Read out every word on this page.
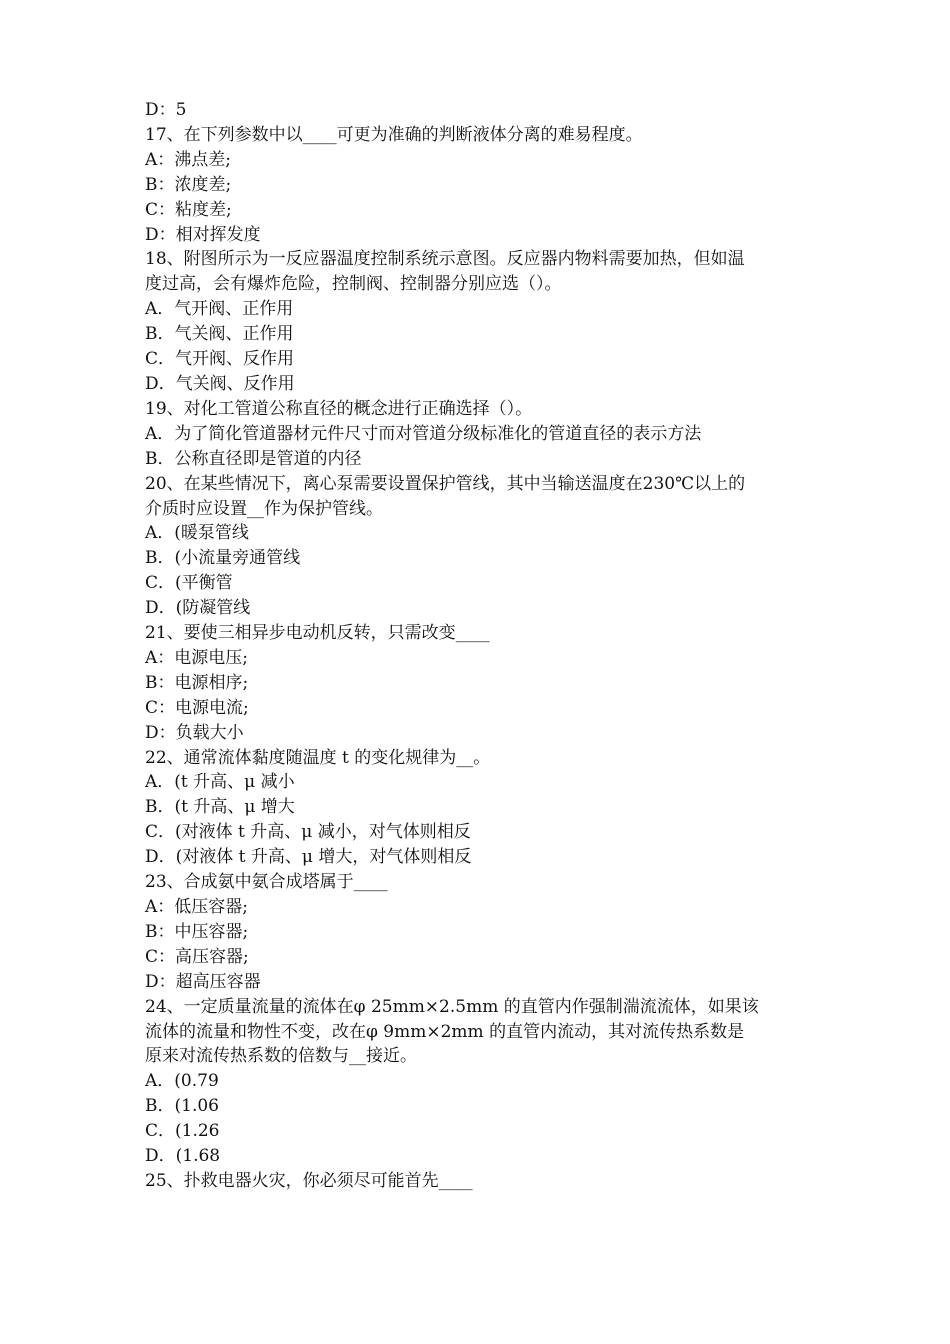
D：5

17、在下列参数中以____可更为准确的判断液体分离的难易程度。

A：沸点差;

B：浓度差;

C：粘度差;

D：相对挥发度

18、附图所示为一反应器温度控制系统示意图。反应器内物料需要加热，但如温

度过高，会有爆炸危险，控制阀、控制器分别应选（）。

A．气开阀、正作用

B．气关阀、正作用

C．气开阀、反作用

D．气关阀、反作用

19、对化工管道公称直径的概念进行正确选择（）。

A．为了简化管道器材元件尺寸而对管道分级标准化的管道直径的表示方法

B．公称直径即是管道的内径

20、在某些情况下，离心泵需要设置保护管线，其中当输送温度在230℃以上的

介质时应设置__作为保护管线。

A．(暖泵管线

B．(小流量旁通管线

C．(平衡管

D．(防凝管线

21、要使三相异步电动机反转，只需改变____

A：电源电压;

B：电源相序;

C：电源电流;

D：负载大小

22、通常流体黏度随温度 t 的变化规律为__。

A．(t 升高、μ 减小

B．(t 升高、μ 增大

C．(对液体 t 升高、μ 减小，对气体则相反

D．(对液体 t 升高、μ 增大，对气体则相反

23、合成氨中氨合成塔属于____

A：低压容器;

B：中压容器;

C：高压容器;

D：超高压容器

24、一定质量流量的流体在φ 25mm×2.5mm 的直管内作强制湍流流体，如果该

流体的流量和物性不变，改在φ 9mm×2mm 的直管内流动，其对流传热系数是

原来对流传热系数的倍数与__接近。

A．(0.79

B．(1.06

C．(1.26

D．(1.68

25、扑救电器火灾，你必须尽可能首先____
